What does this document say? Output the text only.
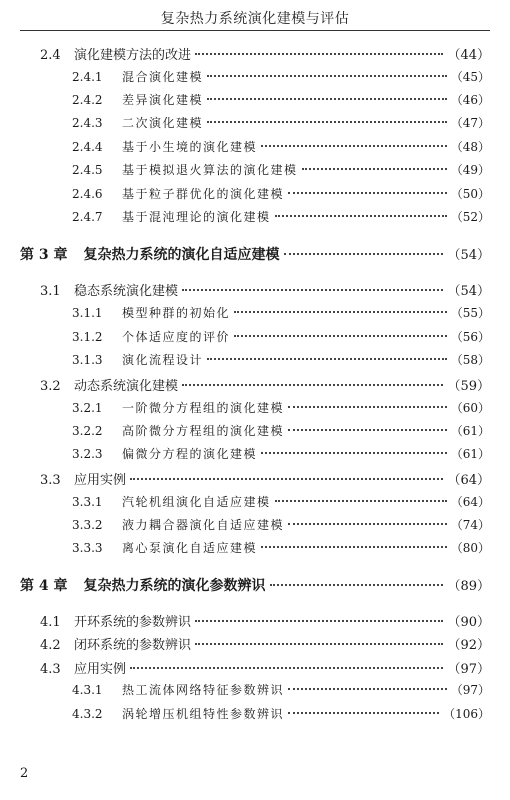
复杂热力系统演化建模与评估
2.4	演化建模方法的改进	（44）
2.4.1	混合演化建模	（45）
2.4.2	差异演化建模	（46）
2.4.3	二次演化建模	（47）
2.4.4	基于小生境的演化建模	（48）
2.4.5	基于模拟退火算法的演化建模	（49）
2.4.6	基于粒子群优化的演化建模	（50）
2.4.7	基于混沌理论的演化建模	（52）
第 3 章	复杂热力系统的演化自适应建模	（54）
3.1	稳态系统演化建模	（54）
3.1.1	模型种群的初始化	（55）
3.1.2	个体适应度的评价	（56）
3.1.3	演化流程设计	（58）
3.2	动态系统演化建模	（59）
3.2.1	一阶微分方程组的演化建模	（60）
3.2.2	高阶微分方程组的演化建模	（61）
3.2.3	偏微分方程的演化建模	（61）
3.3	应用实例	（64）
3.3.1	汽轮机组演化自适应建模	（64）
3.3.2	液力耦合器演化自适应建模	（74）
3.3.3	离心泵演化自适应建模	（80）
第 4 章	复杂热力系统的演化参数辨识	（89）
4.1	开环系统的参数辨识	（90）
4.2	闭环系统的参数辨识	（92）
4.3	应用实例	（97）
4.3.1	热工流体网络特征参数辨识	（97）
4.3.2	涡轮增压机组特性参数辨识	（106）
2
